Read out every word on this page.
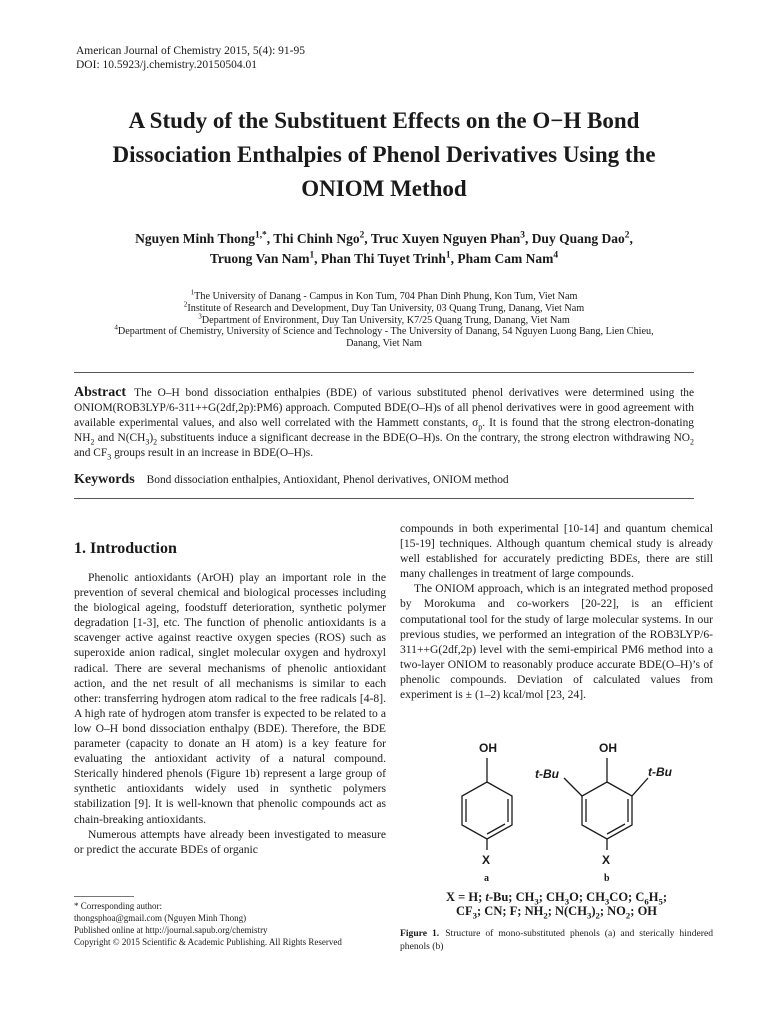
American Journal of Chemistry 2015, 5(4): 91-95
DOI: 10.5923/j.chemistry.20150504.01
A Study of the Substituent Effects on the O−H Bond
Dissociation Enthalpies of Phenol Derivatives Using the
ONIOM Method
Nguyen Minh Thong$^{1,*}$, Thi Chinh Ngo$^2$, Truc Xuyen Nguyen Phan$^3$, Duy Quang Dao$^2$,
Truong Van Nam$^1$, Phan Thi Tuyet Trinh$^1$, Pham Cam Nam$^4$
$^1$The University of Danang - Campus in Kon Tum, 704 Phan Dinh Phung, Kon Tum, Viet Nam
$^2$Institute of Research and Development, Duy Tan University, 03 Quang Trung, Danang, Viet Nam
$^3$Department of Environment, Duy Tan University, K7/25 Quang Trung, Danang, Viet Nam
$^4$Department of Chemistry, University of Science and Technology - The University of Danang, 54 Nguyen Luong Bang, Lien Chieu,
Danang, Viet Nam
Abstract The O–H bond dissociation enthalpies (BDE) of various substituted phenol derivatives were determined using the ONIOM(ROB3LYP/6-311++G(2df,2p):PM6) approach. Computed BDE(O–H)s of all phenol derivatives were in good agreement with available experimental values, and also well correlated with the Hammett constants, $\sigma_p$. It is found that the strong electron-donating $NH_2$ and $N(CH_3)_2$ substituents induce a significant decrease in the BDE(O–H)s. On the contrary, the strong electron withdrawing $NO_2$ and $CF_3$ groups result in an increase in BDE(O–H)s.
Keywords Bond dissociation enthalpies, Antioxidant, Phenol derivatives, ONIOM method
1. Introduction

Phenolic antioxidants (ArOH) play an important role in the prevention of several chemical and biological processes including the biological ageing, foodstuff deterioration, synthetic polymer degradation [1-3], etc. The function of phenolic antioxidants is a scavenger active against reactive oxygen species (ROS) such as superoxide anion radical, singlet molecular oxygen and hydroxyl radical. There are several mechanisms of phenolic antioxidant action, and the net result of all mechanisms is similar to each other: transferring hydrogen atom radical to the free radicals [4-8]. A high rate of hydrogen atom transfer is expected to be related to a low O–H bond dissociation enthalpy (BDE). Therefore, the BDE parameter (capacity to donate an H atom) is a key feature for evaluating the antioxidant activity of a natural compound. Sterically hindered phenols (Figure 1b) represent a large group of synthetic antioxidants widely used in synthetic polymers stabilization [9]. It is well-known that phenolic compounds act as chain-breaking antioxidants.

Numerous attempts have already been investigated to measure or predict the accurate BDEs of organic

compounds in both experimental [10-14] and quantum chemical [15-19] techniques. Although quantum chemical study is already well established for accurately predicting BDEs, there are still many challenges in treatment of large compounds.

The ONIOM approach, which is an integrated method proposed by Morokuma and co-workers [20-22], is an efficient computational tool for the study of large molecular systems. In our previous studies, we performed an integration of the ROB3LYP/6-311++G(2df,2p) level with the semi-empirical PM6 method into a two-layer ONIOM to reasonably produce accurate BDE(O–H)’s of phenolic compounds. Deviation of calculated values from experiment is ± (1–2) kcal/mol [23, 24].

* Corresponding author:
thongsphoa@gmail.com (Nguyen Minh Thong)
Published online at http://journal.sapub.org/chemistry
Copyright © 2015 Scientific & Academic Publishing. All Rights Reserved
OH	OH
t-Bu	t-Bu
X	X
a	b
X = H; t-Bu; $CH_3$; $CH_3O$; $CH_3CO$; $C_6H_5$;
$CF_3$; CN; F; $NH_2$; $N(CH_3)_2$; $NO_2$; OH
Figure 1. Structure of mono-substituted phenols (a) and sterically hindered phenols (b)
